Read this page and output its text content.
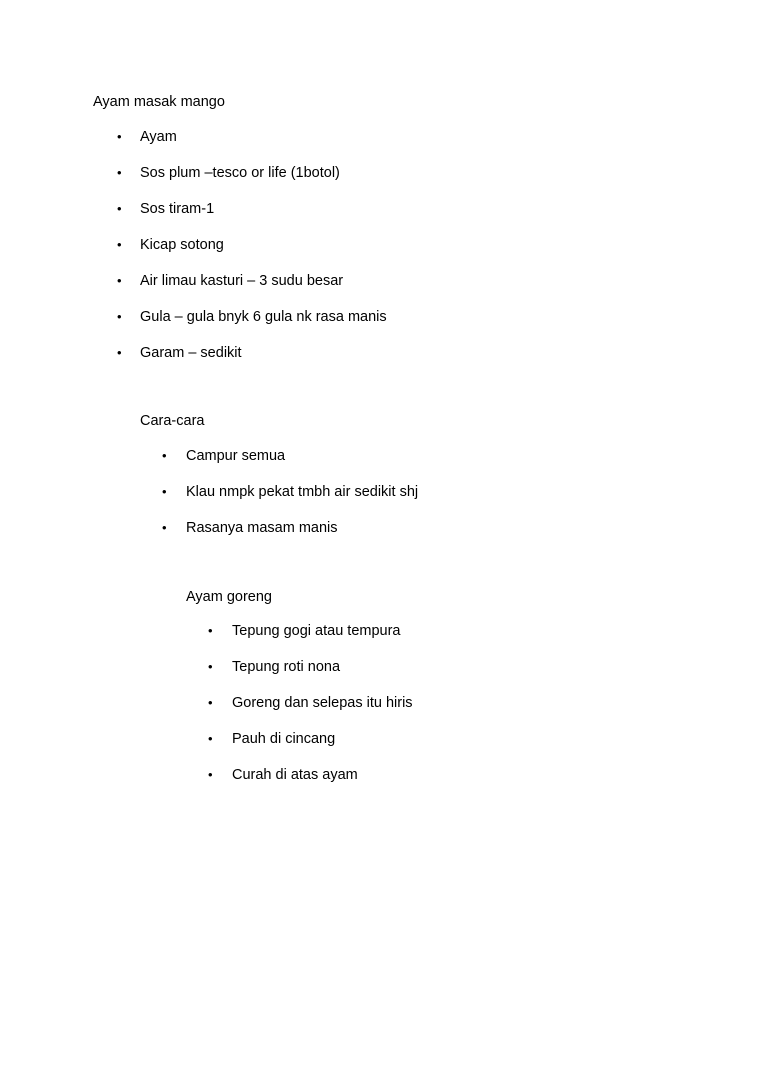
Ayam masak mango
• Ayam
• Sos plum –tesco or life (1botol)
• Sos tiram-1
• Kicap sotong
• Air limau kasturi – 3 sudu besar
• Gula – gula bnyk 6 gula nk rasa manis
• Garam – sedikit
Cara-cara
• Campur semua
• Klau nmpk pekat tmbh air sedikit shj
• Rasanya masam manis
Ayam goreng
• Tepung gogi atau tempura
• Tepung roti nona
• Goreng dan selepas itu hiris
• Pauh di cincang
• Curah di atas ayam
